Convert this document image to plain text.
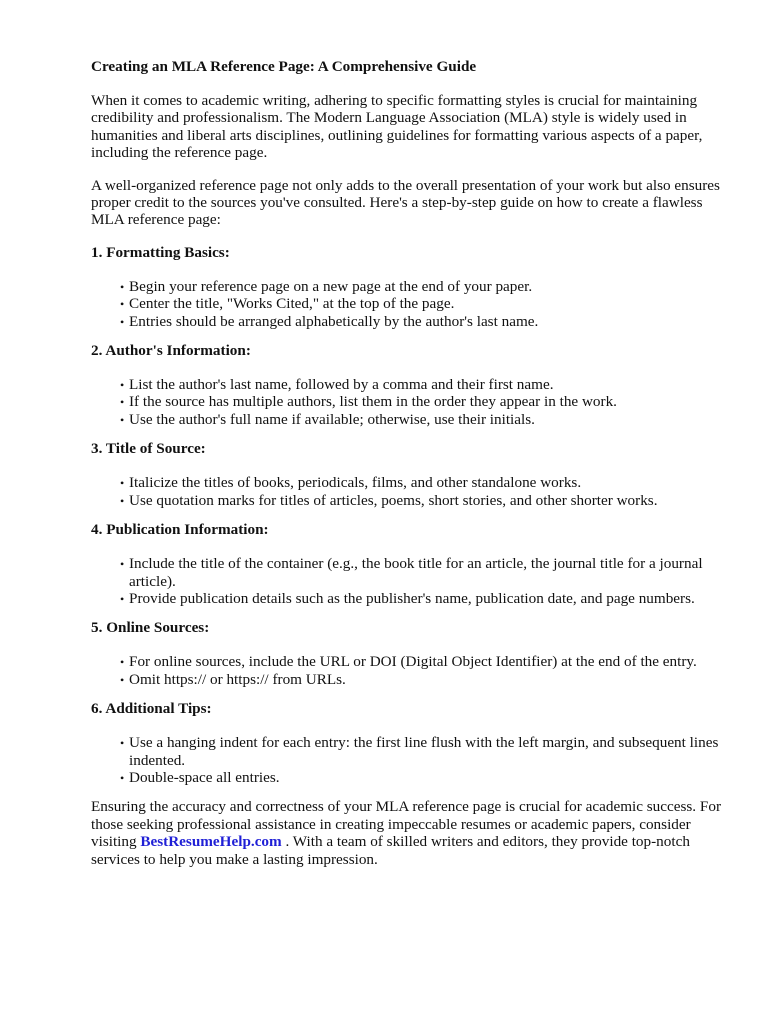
Creating an MLA Reference Page: A Comprehensive Guide

When it comes to academic writing, adhering to specific formatting styles is crucial for maintaining credibility and professionalism. The Modern Language Association (MLA) style is widely used in humanities and liberal arts disciplines, outlining guidelines for formatting various aspects of a paper, including the reference page.

A well-organized reference page not only adds to the overall presentation of your work but also ensures proper credit to the sources you've consulted. Here's a step-by-step guide on how to create a flawless MLA reference page:

1. Formatting Basics:
• Begin your reference page on a new page at the end of your paper.
• Center the title, "Works Cited," at the top of the page.
• Entries should be arranged alphabetically by the author's last name.
2. Author's Information:
• List the author's last name, followed by a comma and their first name.
• If the source has multiple authors, list them in the order they appear in the work.
• Use the author's full name if available; otherwise, use their initials.
3. Title of Source:
• Italicize the titles of books, periodicals, films, and other standalone works.
• Use quotation marks for titles of articles, poems, short stories, and other shorter works.
4. Publication Information:
• Include the title of the container (e.g., the book title for an article, the journal title for a journal article).
• Provide publication details such as the publisher's name, publication date, and page numbers.
5. Online Sources:
• For online sources, include the URL or DOI (Digital Object Identifier) at the end of the entry.
• Omit https:// or https:// from URLs.
6. Additional Tips:
• Use a hanging indent for each entry: the first line flush with the left margin, and subsequent lines indented.
• Double-space all entries.

Ensuring the accuracy and correctness of your MLA reference page is crucial for academic success. For those seeking professional assistance in creating impeccable resumes or academic papers, consider visiting BestResumeHelp.com . With a team of skilled writers and editors, they provide top-notch services to help you make a lasting impression.
